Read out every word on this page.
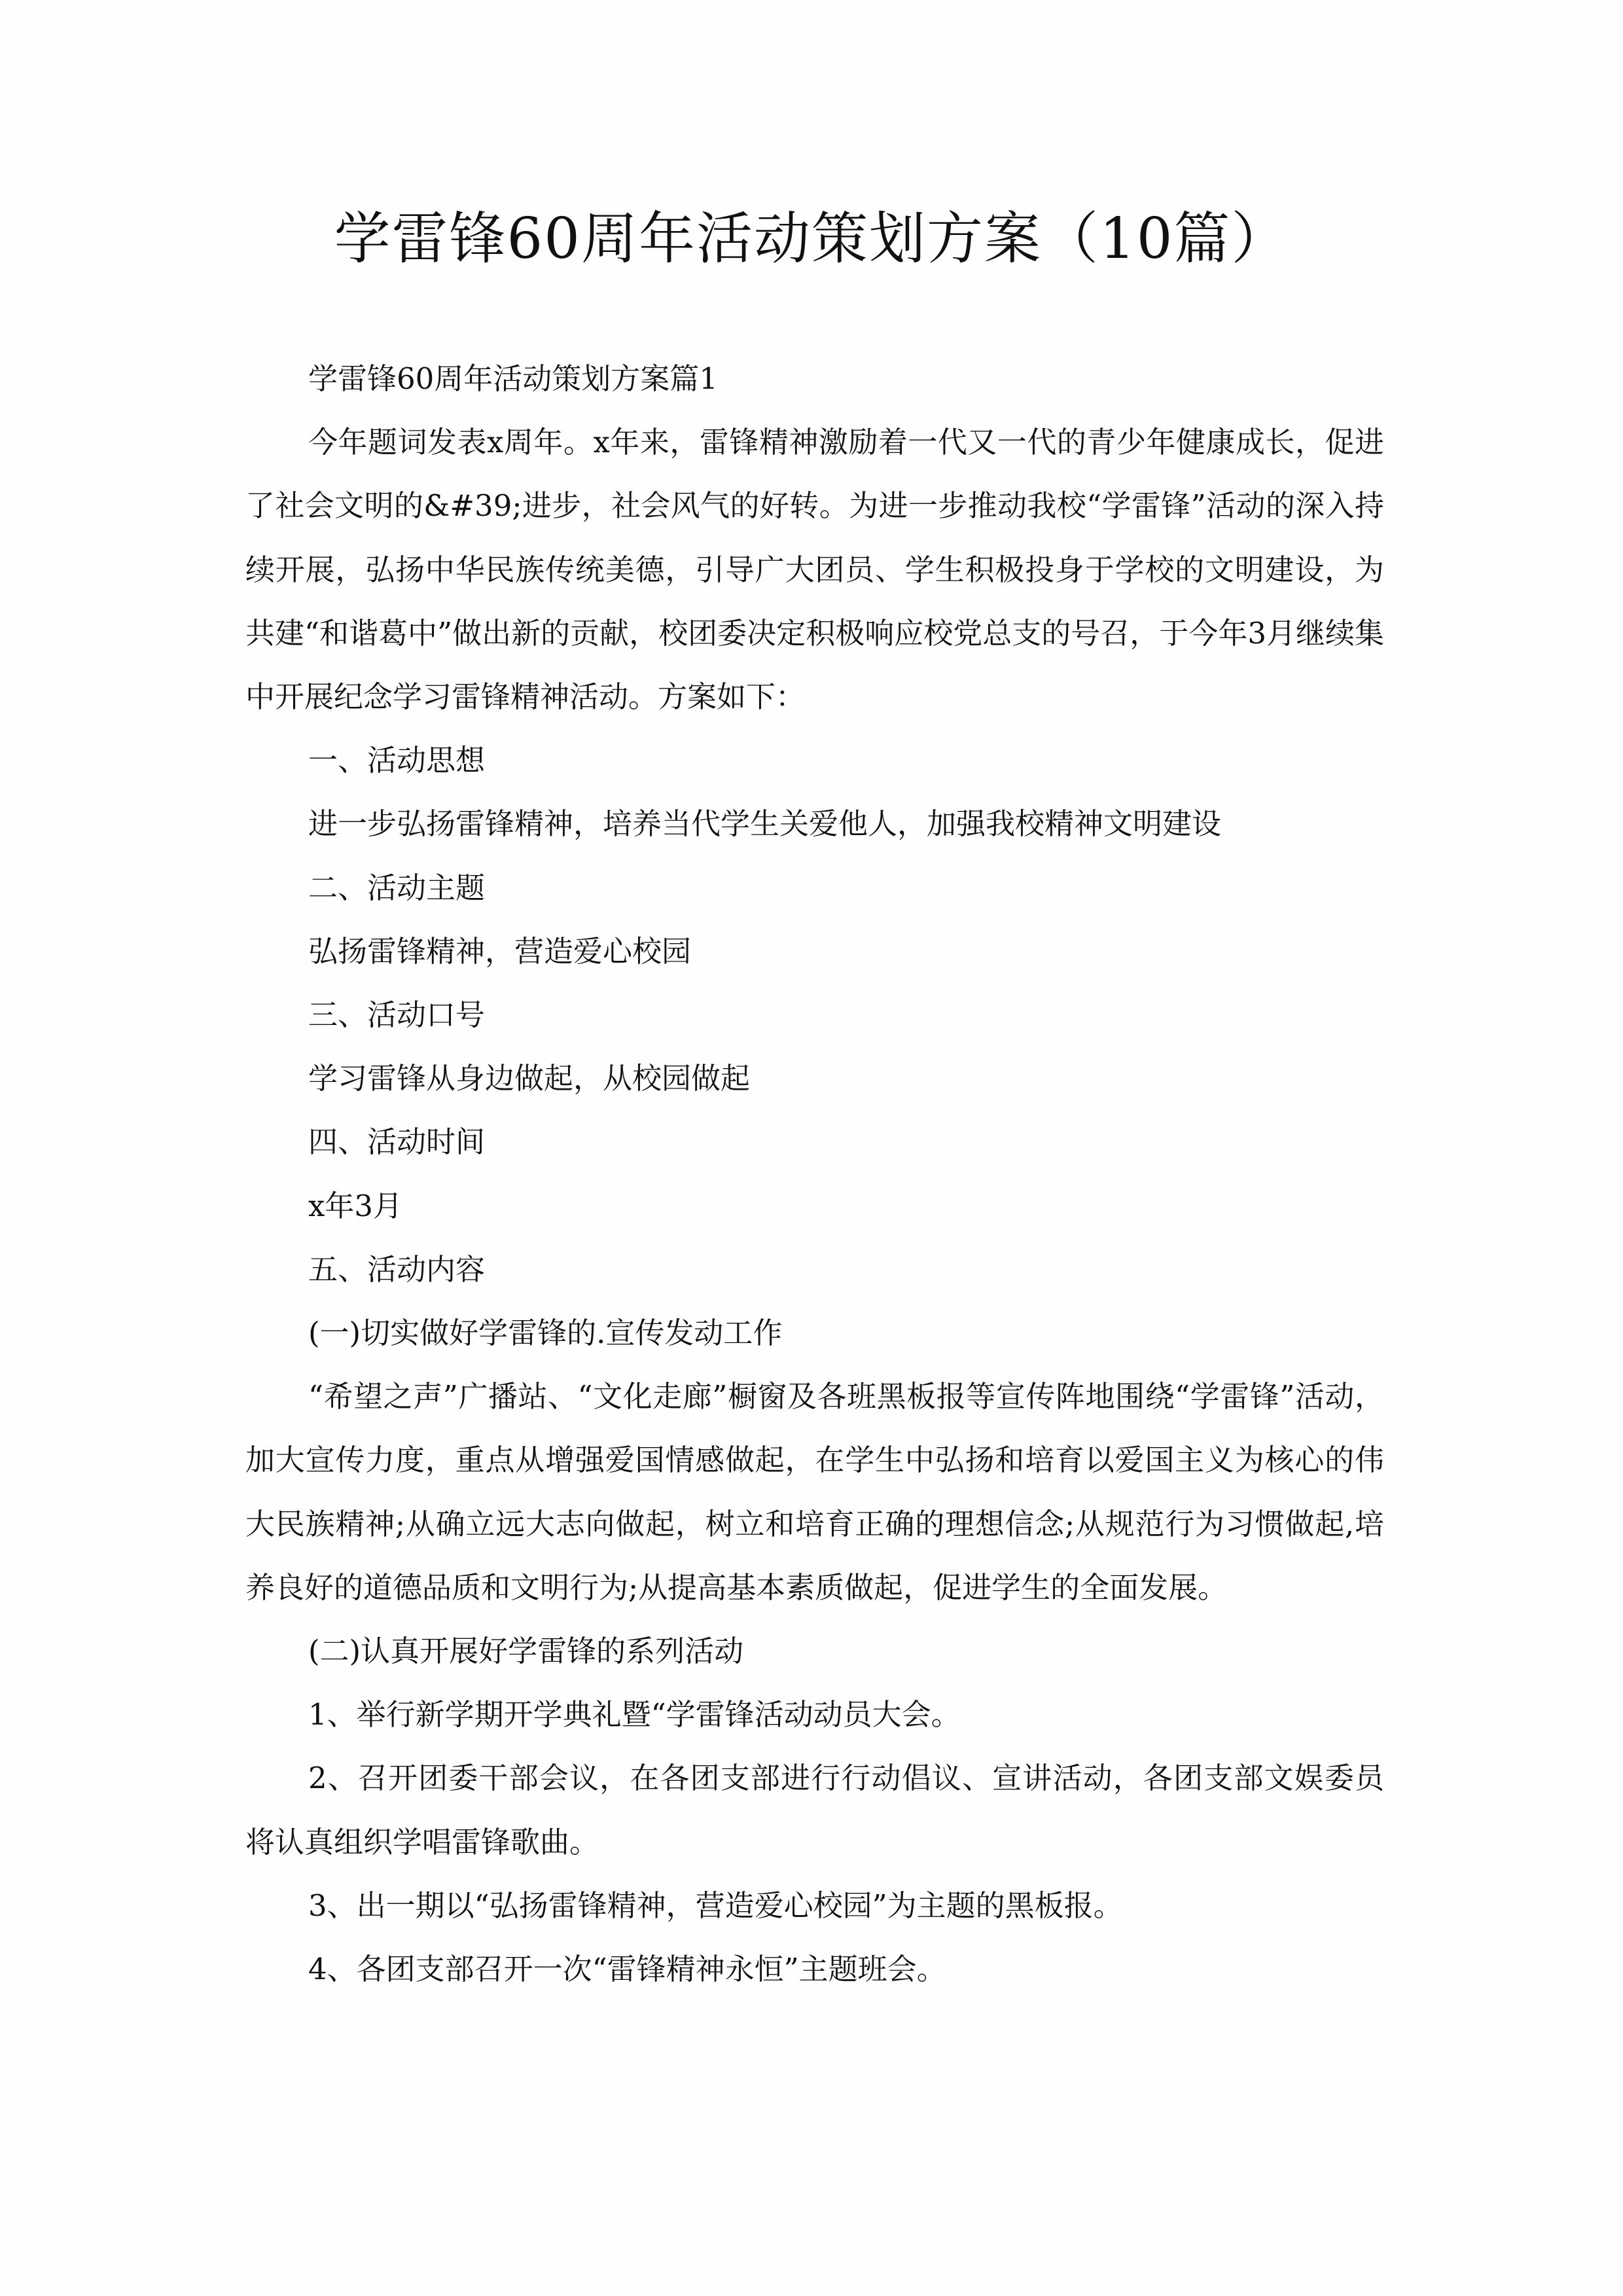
学雷锋60周年活动策划方案（10篇）

学雷锋60周年活动策划方案篇1

今年题词发表x周年。x年来，雷锋精神激励着一代又一代的青少年健康成长，促进了社会文明的&#39;进步，社会风气的好转。为进一步推动我校“学雷锋”活动的深入持续开展，弘扬中华民族传统美德，引导广大团员、学生积极投身于学校的文明建设，为共建“和谐葛中”做出新的贡献，校团委决定积极响应校党总支的号召，于今年3月继续集中开展纪念学习雷锋精神活动。方案如下：

一、活动思想

进一步弘扬雷锋精神，培养当代学生关爱他人，加强我校精神文明建设

二、活动主题

弘扬雷锋精神，营造爱心校园

三、活动口号

学习雷锋从身边做起，从校园做起

四、活动时间

x年3月

五、活动内容

(一)切实做好学雷锋的.宣传发动工作

“希望之声”广播站、“文化走廊”橱窗及各班黑板报等宣传阵地围绕“学雷锋”活动，加大宣传力度，重点从增强爱国情感做起，在学生中弘扬和培育以爱国主义为核心的伟大民族精神;从确立远大志向做起，树立和培育正确的理想信念;从规范行为习惯做起,培养良好的道德品质和文明行为;从提高基本素质做起，促进学生的全面发展。

(二)认真开展好学雷锋的系列活动

1、举行新学期开学典礼暨“学雷锋活动动员大会。

2、召开团委干部会议，在各团支部进行行动倡议、宣讲活动，各团支部文娱委员将认真组织学唱雷锋歌曲。

3、出一期以“弘扬雷锋精神，营造爱心校园”为主题的黑板报。

4、各团支部召开一次“雷锋精神永恒”主题班会。
